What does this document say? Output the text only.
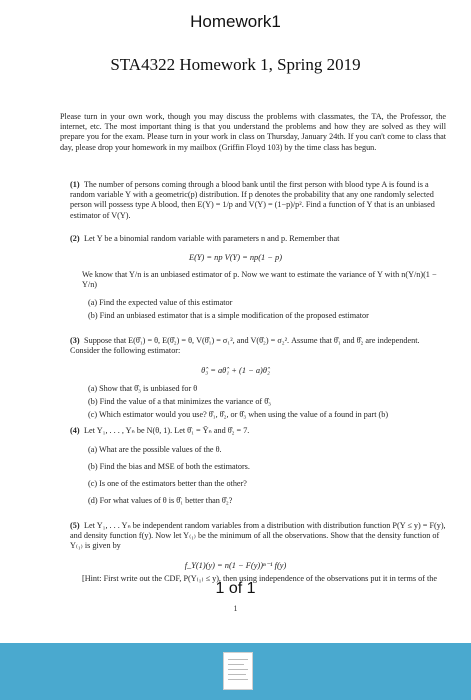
Homework1
STA4322 Homework 1, Spring 2019
Please turn in your own work, though you may discuss the problems with classmates, the TA, the Professor, the internet, etc. The most important thing is that you understand the problems and how they are solved as they will prepare you for the exam. Please turn in your work in class on Thursday, January 24th. If you can't come to class that day, please drop your homework in my mailbox (Griffin Floyd 103) by the time class has begun.
(1) The number of persons coming through a blood bank until the first person with blood type A is found is a random variable Y with a geometric(p) distribution. If p denotes the probability that any one randomly selected person will possess type A blood, then E(Y) = 1/p and V(Y) = (1−p)/p². Find a function of Y that is an unbiased estimator of V(Y).
(2) Let Y be a binomial random variable with parameters n and p. Remember that
E(Y) = np V(Y) = np(1 − p)
We know that Y/n is an unbiased estimator of p. Now we want to estimate the variance of Y with n(Y/n)(1 − Y/n)
(a) Find the expected value of this estimator
(b) Find an unbiased estimator that is a simple modification of the proposed estimator
(3) Suppose that E(θ̂₁) = θ, E(θ̂₂) = θ, V(θ̂₁) = σ₁², and V(θ̂₂) = σ₂². Assume that θ̂₁ and θ̂₂ are independent. Consider the following estimator:
θ̂₃ = aθ̂₁ + (1 − a)θ̂₂
(a) Show that θ̂₃ is unbiased for θ
(b) Find the value of a that minimizes the variance of θ̂₃
(c) Which estimator would you use? θ̂₁, θ̂₂, or θ̂₃ when using the value of a found in part (b)
(4) Let Y₁, . . . , Yₙ be N(θ, 1). Let θ̂₁ = Ȳₙ and θ̂₂ = 7.
(a) What are the possible values of the θ.
(b) Find the bias and MSE of both the estimators.
(c) Is one of the estimators better than the other?
(d) For what values of θ is θ̂₁ better than θ̂₂?
(5) Let Y₁, . . . Yₙ be independent random variables from a distribution with distribution function P(Y ≤ y) = F(y), and density function f(y). Now let Y₍₁₎ be the minimum of all the observations. Show that the density function of Y₍₁₎ is given by
f_Y(1)(y) = n(1 − F(y))ⁿ⁻¹ f(y)
[Hint: First write out the CDF, P(Y₍₁₎ ≤ y), then using independence of the observations put it in terms of the
1 of 1
1
